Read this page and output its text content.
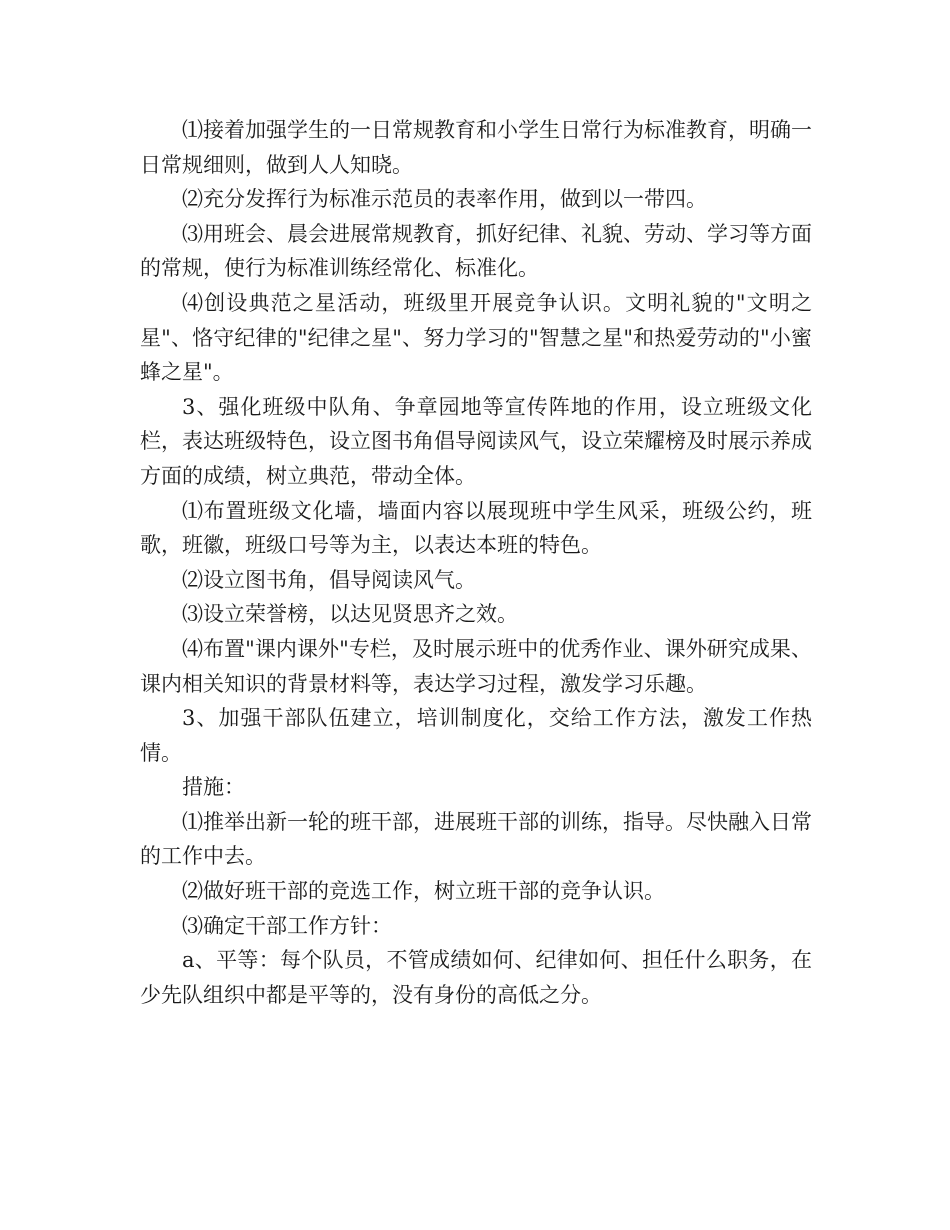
⑴接着加强学生的一日常规教育和小学生日常行为标准教育，明确一日常规细则，做到人人知晓。

⑵充分发挥行为标准示范员的表率作用，做到以一带四。

⑶用班会、晨会进展常规教育，抓好纪律、礼貌、劳动、学习等方面的常规，使行为标准训练经常化、标准化。

⑷创设典范之星活动，班级里开展竞争认识。文明礼貌的"文明之星"、恪守纪律的"纪律之星"、努力学习的"智慧之星"和热爱劳动的"小蜜蜂之星"。

3、强化班级中队角、争章园地等宣传阵地的作用，设立班级文化栏，表达班级特色，设立图书角倡导阅读风气，设立荣耀榜及时展示养成方面的成绩，树立典范，带动全体。

⑴布置班级文化墙，墙面内容以展现班中学生风采，班级公约，班歌，班徽，班级口号等为主，以表达本班的特色。

⑵设立图书角，倡导阅读风气。

⑶设立荣誉榜，以达见贤思齐之效。

⑷布置"课内课外"专栏，及时展示班中的优秀作业、课外研究成果、课内相关知识的背景材料等，表达学习过程，激发学习乐趣。

3、加强干部队伍建立，培训制度化，交给工作方法，激发工作热情。

措施：

⑴推举出新一轮的班干部，进展班干部的训练，指导。尽快融入日常的工作中去。

⑵做好班干部的竞选工作，树立班干部的竞争认识。

⑶确定干部工作方针：

a、平等：每个队员，不管成绩如何、纪律如何、担任什么职务，在少先队组织中都是平等的，没有身份的高低之分。
